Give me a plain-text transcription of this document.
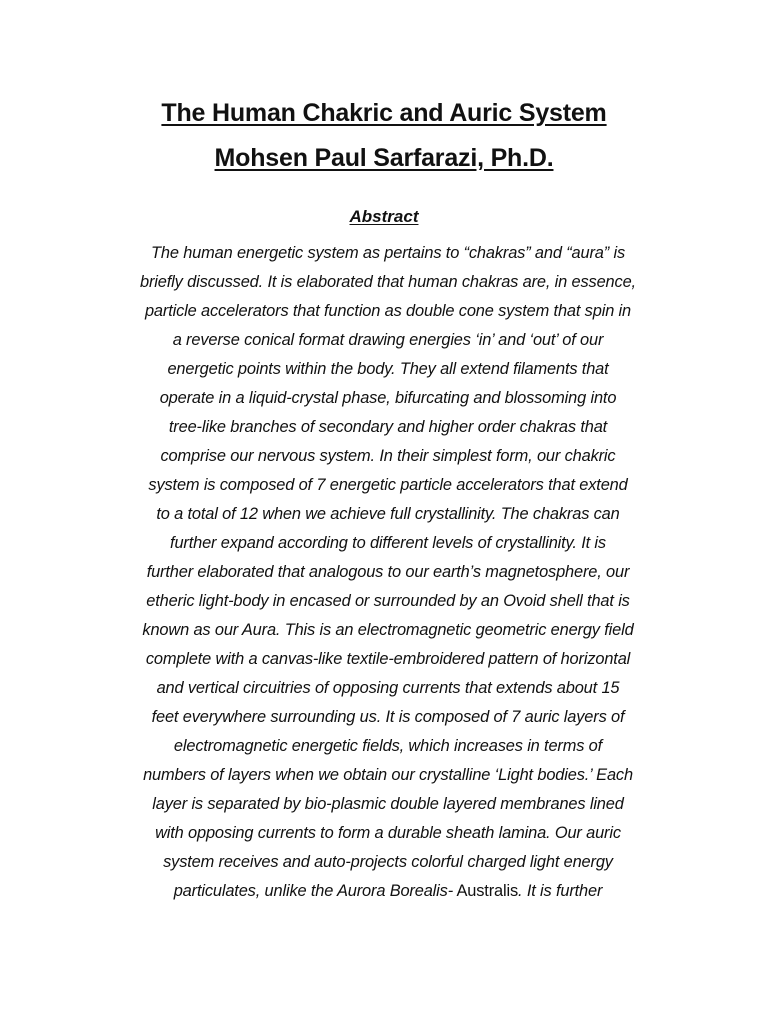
The Human Chakric and Auric System
Mohsen Paul Sarfarazi, Ph.D.
Abstract
The human energetic system as pertains to “chakras” and “aura” is
briefly discussed. It is elaborated that human chakras are, in essence,
particle accelerators that function as double cone system that spin in
a reverse conical format drawing energies ‘in’ and ‘out’ of our
energetic points within the body. They all extend filaments that
operate in a liquid-crystal phase, bifurcating and blossoming into
tree-like branches of secondary and higher order chakras that
comprise our nervous system. In their simplest form, our chakric
system is composed of 7 energetic particle accelerators that extend
to a total of 12 when we achieve full crystallinity. The chakras can
further expand according to different levels of crystallinity. It is
further elaborated that analogous to our earth’s magnetosphere, our
etheric light-body in encased or surrounded by an Ovoid shell that is
known as our Aura. This is an electromagnetic geometric energy field
complete with a canvas-like textile-embroidered pattern of horizontal
and vertical circuitries of opposing currents that extends about 15
feet everywhere surrounding us. It is composed of 7 auric layers of
electromagnetic energetic fields, which increases in terms of
numbers of layers when we obtain our crystalline ‘Light bodies.’ Each
layer is separated by bio-plasmic double layered membranes lined
with opposing currents to form a durable sheath lamina. Our auric
system receives and auto-projects colorful charged light energy
particulates, unlike the Aurora Borealis- Australis. It is further
